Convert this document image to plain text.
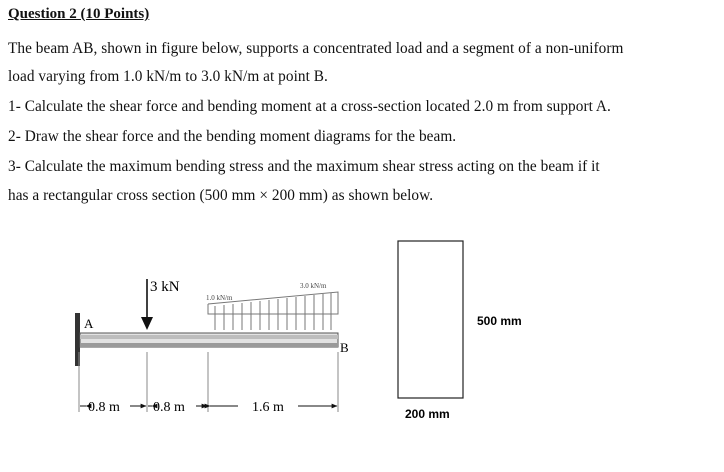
Question 2 (10 Points)
The beam AB, shown in figure below, supports a concentrated load and a segment of a non-uniform
load varying from 1.0 kN/m to 3.0 kN/m at point B.
1- Calculate the shear force and bending moment at a cross-section located 2.0 m from support A.
2- Draw the shear force and the bending moment diagrams for the beam.
3- Calculate the maximum bending stress and the maximum shear stress acting on the beam if it
has a rectangular cross section (500 mm × 200 mm) as shown below.
A
B
3 kN
1.0 kN/m
3.0 kN/m
0.8 m 0.8 m	1.6 m
500 mm
200 mm
